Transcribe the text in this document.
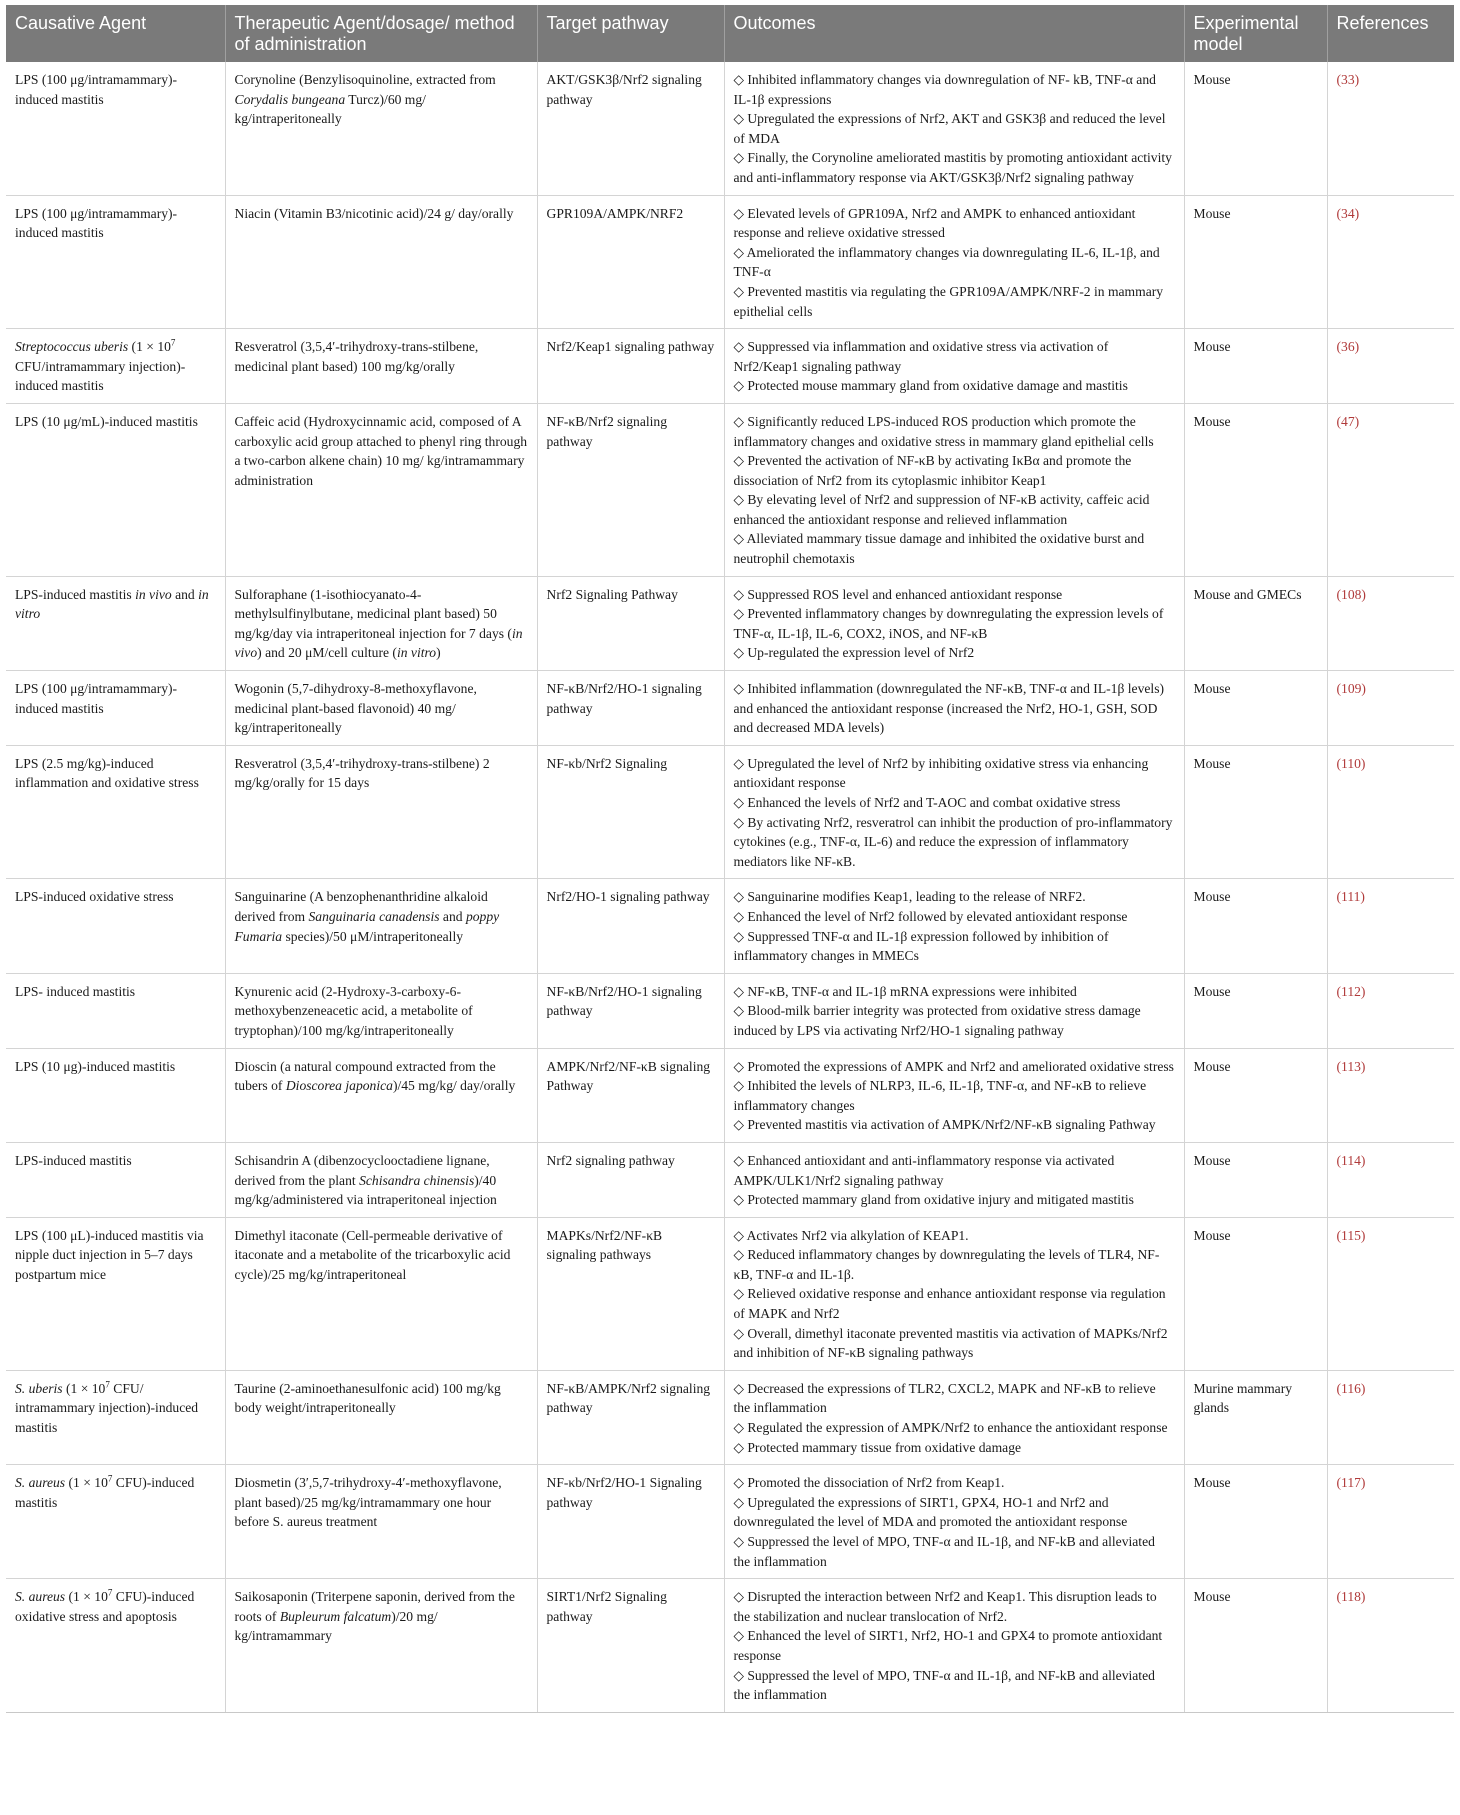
Causative Agent	Therapeutic Agent/dosage/ method of administration	Target pathway	Outcomes	Experimental model	References
LPS (100 μg/intramammary)-induced mastitis	Corynoline (Benzylisoquinoline, extracted from Corydalis bungeana Turcz)/60 mg/ kg/intraperitoneally	AKT/GSK3β/Nrf2 signaling pathway	◇ Inhibited inflammatory changes via downregulation of NF- kB, TNF-α and IL-1β expressions
◇ Upregulated the expressions of Nrf2, AKT and GSK3β and reduced the level of MDA
◇ Finally, the Corynoline ameliorated mastitis by promoting antioxidant activity and anti-inflammatory response via AKT/GSK3β/Nrf2 signaling pathway	Mouse	(33)
LPS (100 μg/intramammary)-induced mastitis	Niacin (Vitamin B3/nicotinic acid)/24 g/ day/orally	GPR109A/AMPK/NRF2	◇ Elevated levels of GPR109A, Nrf2 and AMPK to enhanced antioxidant response and relieve oxidative stressed
◇ Ameliorated the inflammatory changes via downregulating IL-6, IL-1β, and TNF-α
◇ Prevented mastitis via regulating the GPR109A/AMPK/NRF-2 in mammary epithelial cells	Mouse	(34)
Streptococcus uberis ($1 \times 10^7$ CFU/intramammary injection)-induced mastitis	Resveratrol (3,5,4′-trihydroxy-trans-stilbene, medicinal plant based) 100 mg/kg/orally	Nrf2/Keap1 signaling pathway	◇ Suppressed via inflammation and oxidative stress via activation of Nrf2/Keap1 signaling pathway
◇ Protected mouse mammary gland from oxidative damage and mastitis	Mouse	(36)
LPS (10 μg/mL)-induced mastitis	Caffeic acid (Hydroxycinnamic acid, composed of A carboxylic acid group attached to phenyl ring through a two-carbon alkene chain) 10 mg/ kg/intramammary administration	NF-κB/Nrf2 signaling pathway	◇ Significantly reduced LPS-induced ROS production which promote the inflammatory changes and oxidative stress in mammary gland epithelial cells
◇ Prevented the activation of NF-κB by activating IκBα and promote the dissociation of Nrf2 from its cytoplasmic inhibitor Keap1
◇ By elevating level of Nrf2 and suppression of NF-κB activity, caffeic acid enhanced the antioxidant response and relieved inflammation
◇ Alleviated mammary tissue damage and inhibited the oxidative burst and neutrophil chemotaxis	Mouse	(47)
LPS-induced mastitis in vivo and in vitro	Sulforaphane (1-isothiocyanato-4-methylsulfinylbutane, medicinal plant based) 50 mg/kg/day via intraperitoneal injection for 7 days (in vivo) and 20 μM/cell culture (in vitro)	Nrf2 Signaling Pathway	◇ Suppressed ROS level and enhanced antioxidant response
◇ Prevented inflammatory changes by downregulating the expression levels of TNF-α, IL-1β, IL-6, COX2, iNOS, and NF-κB
◇ Up-regulated the expression level of Nrf2	Mouse and GMECs	(108)
LPS (100 μg/intramammary)-induced mastitis	Wogonin (5,7-dihydroxy-8-methoxyflavone, medicinal plant-based flavonoid) 40 mg/ kg/intraperitoneally	NF-κB/Nrf2/HO-1 signaling pathway	◇ Inhibited inflammation (downregulated the NF-κB, TNF-α and IL-1β levels) and enhanced the antioxidant response (increased the Nrf2, HO-1, GSH, SOD and decreased MDA levels)	Mouse	(109)
LPS (2.5 mg/kg)-induced inflammation and oxidative stress	Resveratrol (3,5,4′-trihydroxy-trans-stilbene) 2 mg/kg/orally for 15 days	NF-κb/Nrf2 Signaling	◇ Upregulated the level of Nrf2 by inhibiting oxidative stress via enhancing antioxidant response
◇ Enhanced the levels of Nrf2 and T-AOC and combat oxidative stress
◇ By activating Nrf2, resveratrol can inhibit the production of pro-inflammatory cytokines (e.g., TNF-α, IL-6) and reduce the expression of inflammatory mediators like NF-κB.	Mouse	(110)
LPS-induced oxidative stress	Sanguinarine (A benzophenanthridine alkaloid derived from Sanguinaria canadensis and poppy Fumaria species)/50 μM/intraperitoneally	Nrf2/HO-1 signaling pathway	◇ Sanguinarine modifies Keap1, leading to the release of NRF2.
◇ Enhanced the level of Nrf2 followed by elevated antioxidant response
◇ Suppressed TNF-α and IL-1β expression followed by inhibition of inflammatory changes in MMECs	Mouse	(111)
LPS- induced mastitis	Kynurenic acid (2-Hydroxy-3-carboxy-6-methoxybenzeneacetic acid, a metabolite of tryptophan)/100 mg/kg/intraperitoneally	NF-κB/Nrf2/HO-1 signaling pathway	◇ NF-κB, TNF-α and IL-1β mRNA expressions were inhibited
◇ Blood-milk barrier integrity was protected from oxidative stress damage induced by LPS via activating Nrf2/HO-1 signaling pathway	Mouse	(112)
LPS (10 μg)-induced mastitis	Dioscin (a natural compound extracted from the tubers of Dioscorea japonica)/45 mg/kg/ day/orally	AMPK/Nrf2/NF-κB signaling Pathway	◇ Promoted the expressions of AMPK and Nrf2 and ameliorated oxidative stress
◇ Inhibited the levels of NLRP3, IL-6, IL-1β, TNF-α, and NF-κB to relieve inflammatory changes
◇ Prevented mastitis via activation of AMPK/Nrf2/NF-κB signaling Pathway	Mouse	(113)
LPS-induced mastitis	Schisandrin A (dibenzocyclooctadiene lignane, derived from the plant Schisandra chinensis)/40 mg/kg/administered via intraperitoneal injection	Nrf2 signaling pathway	◇ Enhanced antioxidant and anti-inflammatory response via activated AMPK/ULK1/Nrf2 signaling pathway
◇ Protected mammary gland from oxidative injury and mitigated mastitis	Mouse	(114)
LPS (100 μL)-induced mastitis via nipple duct injection in 5–7 days postpartum mice	Dimethyl itaconate (Cell-permeable derivative of itaconate and a metabolite of the tricarboxylic acid cycle)/25 mg/kg/intraperitoneal	MAPKs/Nrf2/NF-κB signaling pathways	◇ Activates Nrf2 via alkylation of KEAP1.
◇ Reduced inflammatory changes by downregulating the levels of TLR4, NF-κB, TNF-α and IL-1β.
◇ Relieved oxidative response and enhance antioxidant response via regulation of MAPK and Nrf2
◇ Overall, dimethyl itaconate prevented mastitis via activation of MAPKs/Nrf2 and inhibition of NF-κB signaling pathways	Mouse	(115)
S. uberis ($1 \times 10^7$ CFU/ intramammary injection)-induced mastitis	Taurine (2-aminoethanesulfonic acid) 100 mg/kg body weight/intraperitoneally	NF-κB/AMPK/Nrf2 signaling pathway	◇ Decreased the expressions of TLR2, CXCL2, MAPK and NF-κB to relieve the inflammation
◇ Regulated the expression of AMPK/Nrf2 to enhance the antioxidant response
◇ Protected mammary tissue from oxidative damage	Murine mammary glands	(116)
S. aureus ($1 \times 10^7$ CFU)-induced mastitis	Diosmetin (3′,5,7-trihydroxy-4′-methoxyflavone, plant based)/25 mg/kg/intramammary one hour before S. aureus treatment	NF-κb/Nrf2/HO-1 Signaling pathway	◇ Promoted the dissociation of Nrf2 from Keap1.
◇ Upregulated the expressions of SIRT1, GPX4, HO-1 and Nrf2 and downregulated the level of MDA and promoted the antioxidant response
◇ Suppressed the level of MPO, TNF-α and IL-1β, and NF-kB and alleviated the inflammation	Mouse	(117)
S. aureus ($1 \times 10^7$ CFU)-induced oxidative stress and apoptosis	Saikosaponin (Triterpene saponin, derived from the roots of Bupleurum falcatum)/20 mg/ kg/intramammary	SIRT1/Nrf2 Signaling pathway	◇ Disrupted the interaction between Nrf2 and Keap1. This disruption leads to the stabilization and nuclear translocation of Nrf2.
◇ Enhanced the level of SIRT1, Nrf2, HO-1 and GPX4 to promote antioxidant response
◇ Suppressed the level of MPO, TNF-α and IL-1β, and NF-kB and alleviated the inflammation	Mouse	(118)
